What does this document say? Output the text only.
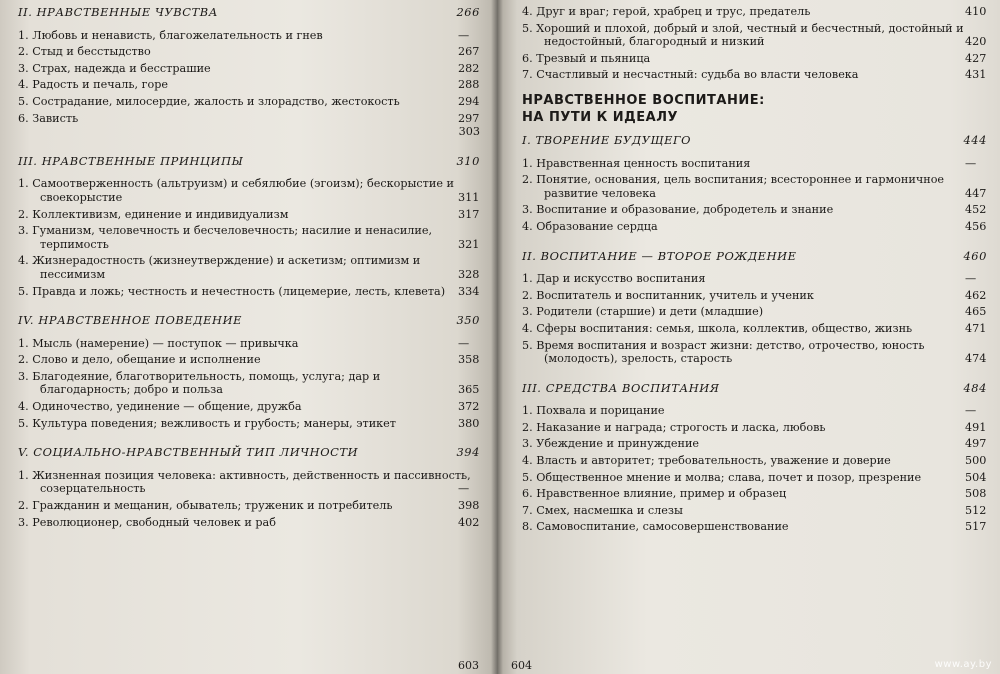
II. НРАВСТВЕННЫЕ ЧУВСТВА	266
1. Любовь и ненависть, благожелательность и гнев	—
2. Стыд и бесстыдство	267
3. Страх, надежда и бесстрашие	282
4. Радость и печаль, горе	288
5. Сострадание, милосердие, жалость и злорадство, жестокость	294
6. Зависть	297
303
III. НРАВСТВЕННЫЕ ПРИНЦИПЫ	310
1. Самоотверженность (альтруизм) и себялюбие (эгоизм); бескорыстие и своекорыстие	311
2. Коллективизм, единение и индивидуализм	317
3. Гуманизм, человечность и бесчеловечность; насилие и ненасилие, терпимость	321
4. Жизнерадостность (жизнеутверждение) и аскетизм; оптимизм и пессимизм	328
5. Правда и ложь; честность и нечестность (лицемерие, лесть, клевета)	334
IV. НРАВСТВЕННОЕ ПОВЕДЕНИЕ	350
1. Мысль (намерение) — поступок — привычка	—
2. Слово и дело, обещание и исполнение	358
3. Благодеяние, благотворительность, помощь, услуга; дар и благодарность; добро и польза	365
4. Одиночество, уединение — общение, дружба	372
5. Культура поведения; вежливость и грубость; манеры, этикет	380
V. СОЦИАЛЬНО-НРАВСТВЕННЫЙ ТИП ЛИЧНОСТИ	394
1. Жизненная позиция человека: активность, действенность и пассивность, созерцательность	—
2. Гражданин и мещанин, обыватель; труженик и потребитель	398
3. Революционер, свободный человек и раб	402
603
4. Друг и враг; герой, храбрец и трус, предатель	410
5. Хороший и плохой, добрый и злой, честный и бесчестный, достойный и недостойный, благородный и низкий	420
6. Трезвый и пьяница	427
7. Счастливый и несчастный: судьба во власти человека	431
НРАВСТВЕННОЕ ВОСПИТАНИЕ:
НА ПУТИ К ИДЕАЛУ
I. ТВОРЕНИЕ БУДУЩЕГО	444
1. Нравственная ценность воспитания	—
2. Понятие, основания, цель воспитания; всестороннее и гармоничное развитие человека	447
3. Воспитание и образование, добродетель и знание	452
4. Образование сердца	456
II. ВОСПИТАНИЕ — ВТОРОЕ РОЖДЕНИЕ	460
1. Дар и искусство воспитания	—
2. Воспитатель и воспитанник, учитель и ученик	462
3. Родители (старшие) и дети (младшие)	465
4. Сферы воспитания: семья, школа, коллектив, общество, жизнь	471
5. Время воспитания и возраст жизни: детство, отрочество, юность (молодость), зрелость, старость	474
III. СРЕДСТВА ВОСПИТАНИЯ	484
1. Похвала и порицание	—
2. Наказание и награда; строгость и ласка, любовь	491
3. Убеждение и принуждение	497
4. Власть и авторитет; требовательность, уважение и доверие	500
5. Общественное мнение и молва; слава, почет и позор, презрение	504
6. Нравственное влияние, пример и образец	508
7. Смех, насмешка и слезы	512
8. Самовоспитание, самосовершенствование	517
604	www.ay.by
